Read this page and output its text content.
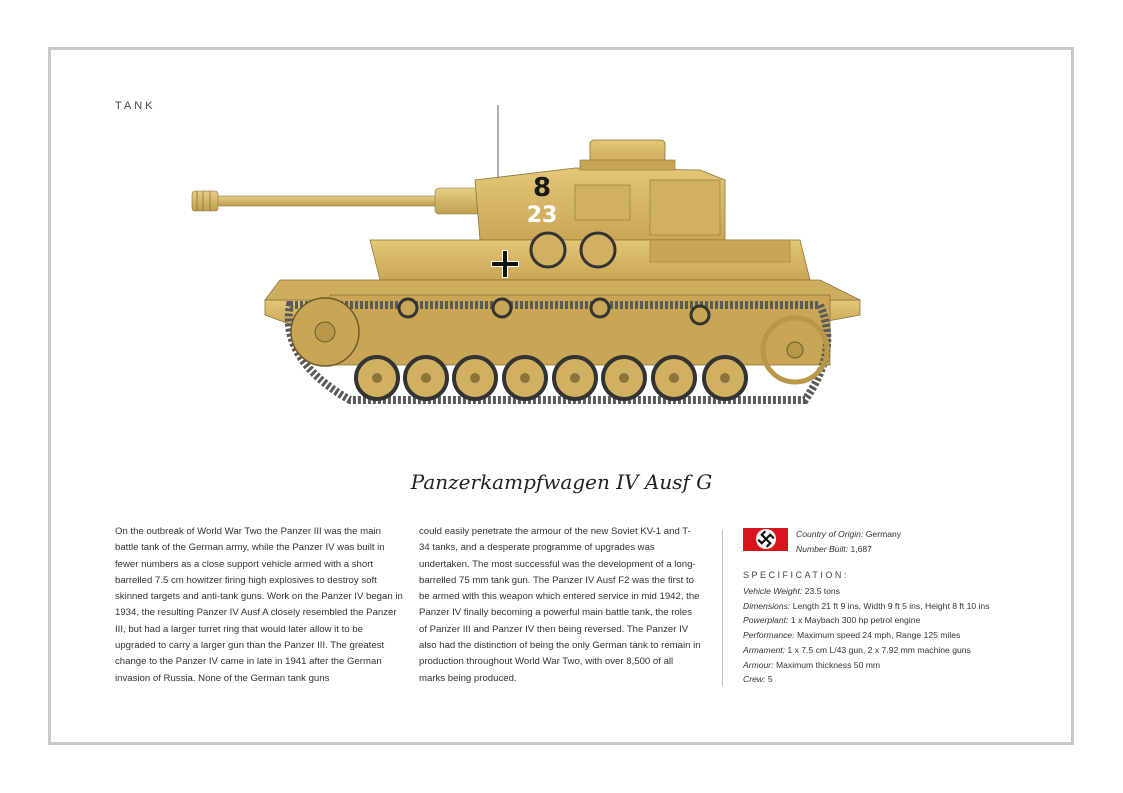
TANK
8
23
Panzerkampfwagen IV Ausf G
On the outbreak of World War Two the Panzer III was the main battle tank of the German army, while the Panzer IV was built in fewer numbers as a close support vehicle armed with a short barrelled 7.5 cm howitzer firing high explosives to destroy soft skinned targets and anti-tank guns. Work on the Panzer IV began in 1934, the resulting Panzer IV Ausf A closely resembled the Panzer III, but had a larger turret ring that would later allow it to be upgraded to carry a larger gun than the Panzer III. The greatest change to the Panzer IV came in late in 1941 after the German invasion of Russia. None of the German tank guns
could easily penetrate the armour of the new Soviet KV-1 and T-34 tanks, and a desperate programme of upgrades was undertaken. The most successful was the development of a long-barrelled 75 mm tank gun. The Panzer IV Ausf F2 was the first to be armed with this weapon which entered service in mid 1942, the Panzer IV finally becoming a powerful main battle tank, the roles of Panzer III and Panzer IV then being reversed. The Panzer IV also had the distinction of being the only German tank to remain in production throughout World War Two, with over 8,500 of all marks being produced.
Country of Origin: Germany
Number Built: 1,687
SPECIFICATION:
Vehicle Weight: 23.5 tons
Dimensions: Length 21 ft 9 ins, Width 9 ft 5 ins, Height 8 ft 10 ins
Powerplant: 1 x Maybach 300 hp petrol engine
Performance: Maximum speed 24 mph, Range 125 miles
Armament: 1 x 7.5 cm L/43 gun, 2 x 7.92 mm machine guns
Armour: Maximum thickness 50 mm
Crew: 5
